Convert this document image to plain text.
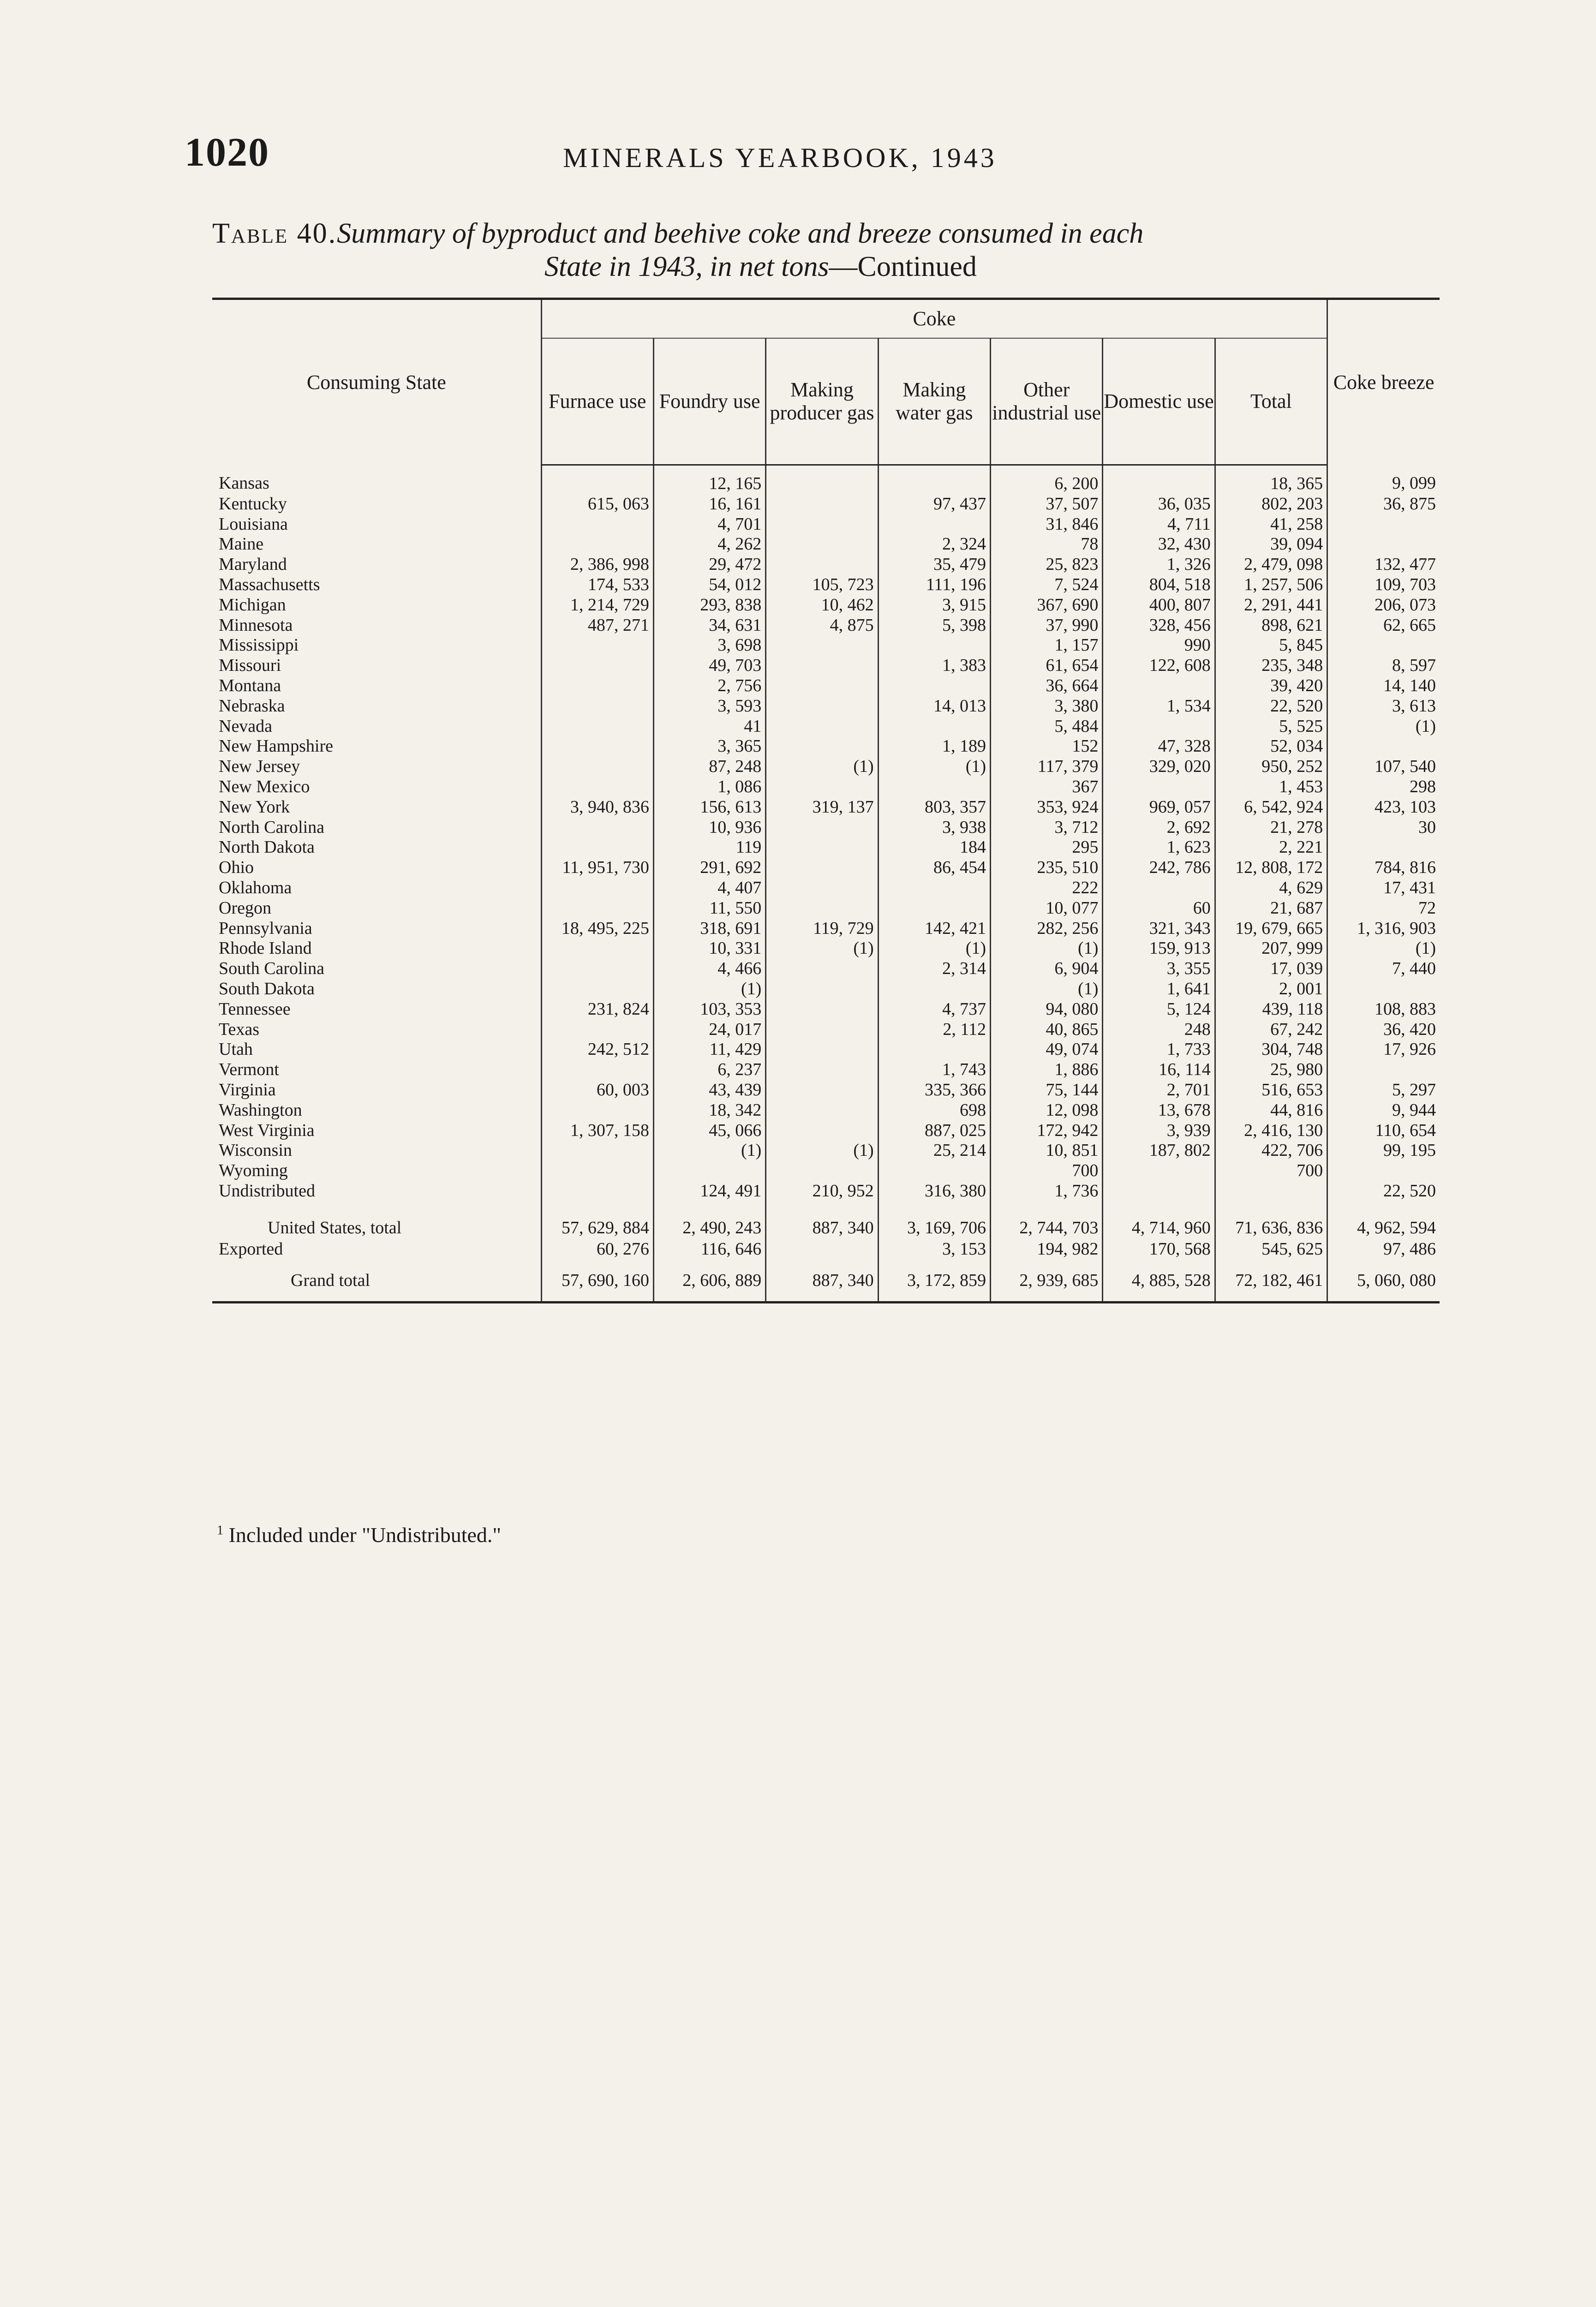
1020	MINERALS YEARBOOK, 1943
Table 40.Summary of byproduct and beehive coke and breeze consumed in each
State in 1943, in net tons—Continued
Consuming State	Coke							Coke breeze
	Furnace use	Foundry use	Making producer gas	Making water gas	Other industrial use	Domestic use	Total	
Kansas		12, 165			6, 200		18, 365	9, 099
Kentucky	615, 063	16, 161		97, 437	37, 507	36, 035	802, 203	36, 875
Louisiana		4, 701			31, 846	4, 711	41, 258	
Maine		4, 262		2, 324	78	32, 430	39, 094	
Maryland	2, 386, 998	29, 472		35, 479	25, 823	1, 326	2, 479, 098	132, 477
Massachusetts	174, 533	54, 012	105, 723	111, 196	7, 524	804, 518	1, 257, 506	109, 703
Michigan	1, 214, 729	293, 838	10, 462	3, 915	367, 690	400, 807	2, 291, 441	206, 073
Minnesota	487, 271	34, 631	4, 875	5, 398	37, 990	328, 456	898, 621	62, 665
Mississippi		3, 698			1, 157	990	5, 845	
Missouri		49, 703		1, 383	61, 654	122, 608	235, 348	8, 597
Montana		2, 756			36, 664		39, 420	14, 140
Nebraska		3, 593		14, 013	3, 380	1, 534	22, 520	3, 613
Nevada		41			5, 484		5, 525	(1)
New Hampshire		3, 365		1, 189	152	47, 328	52, 034	
New Jersey		87, 248	(1)	(1)	117, 379	329, 020	950, 252	107, 540
New Mexico		1, 086			367		1, 453	298
New York	3, 940, 836	156, 613	319, 137	803, 357	353, 924	969, 057	6, 542, 924	423, 103
North Carolina		10, 936		3, 938	3, 712	2, 692	21, 278	30
North Dakota		119		184	295	1, 623	2, 221	
Ohio	11, 951, 730	291, 692		86, 454	235, 510	242, 786	12, 808, 172	784, 816
Oklahoma		4, 407			222		4, 629	17, 431
Oregon		11, 550			10, 077	60	21, 687	72
Pennsylvania	18, 495, 225	318, 691	119, 729	142, 421	282, 256	321, 343	19, 679, 665	1, 316, 903
Rhode Island		10, 331	(1)	(1)	(1)	159, 913	207, 999	(1)
South Carolina		4, 466		2, 314	6, 904	3, 355	17, 039	7, 440
South Dakota		(1)			(1)	1, 641	2, 001	
Tennessee	231, 824	103, 353		4, 737	94, 080	5, 124	439, 118	108, 883
Texas		24, 017		2, 112	40, 865	248	67, 242	36, 420
Utah	242, 512	11, 429			49, 074	1, 733	304, 748	17, 926
Vermont		6, 237		1, 743	1, 886	16, 114	25, 980	
Virginia	60, 003	43, 439		335, 366	75, 144	2, 701	516, 653	5, 297
Washington		18, 342		698	12, 098	13, 678	44, 816	9, 944
West Virginia	1, 307, 158	45, 066		887, 025	172, 942	3, 939	2, 416, 130	110, 654
Wisconsin		(1)	(1)	25, 214	10, 851	187, 802	422, 706	99, 195
Wyoming					700		700	
Undistributed		124, 491	210, 952	316, 380	1, 736			22, 520
United States, total	57, 629, 884	2, 490, 243	887, 340	3, 169, 706	2, 744, 703	4, 714, 960	71, 636, 836	4, 962, 594
Exported	60, 276	116, 646		3, 153	194, 982	170, 568	545, 625	97, 486
Grand total	57, 690, 160	2, 606, 889	887, 340	3, 172, 859	2, 939, 685	4, 885, 528	72, 182, 461	5, 060, 080
$^1$ Included under "Undistributed."
